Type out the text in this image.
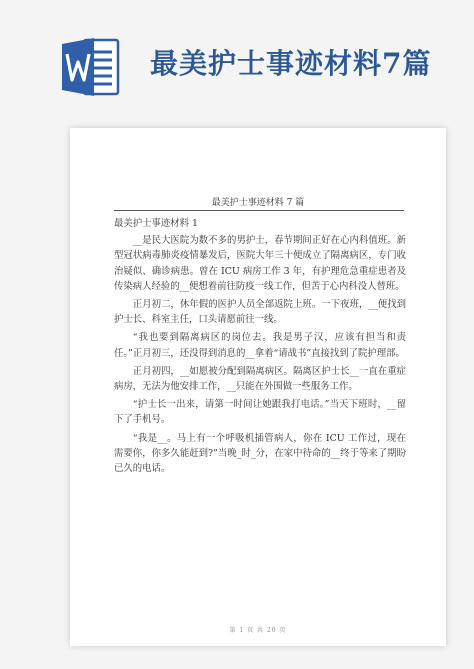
最美护士事迹材料7篇
最美护士事迹材料 7 篇

最美护士事迹材料 1

__是民大医院为数不多的男护士，春节期间正好在心内科值班。新型冠状病毒肺炎疫情暴发后，医院大年三十便成立了隔离病区，专门收治疑似、确诊病患。曾在 ICU 病房工作 3 年，有护理危急重症患者及传染病人经验的__便想着前往防疫一线工作，但苦于心内科没人替班。

正月初二，休年假的医护人员全部返院上班。一下夜班，__便找到护士长、科室主任，口头请愿前往一线。

“我也要到隔离病区的岗位去。我是男子汉，应该有担当和责任。”正月初三，还没得到消息的__拿着“请战书”直接找到了院护理部。

正月初四，__如愿被分配到隔离病区。隔离区护士长__一直在重症病房，无法为他安排工作，__只能在外围做一些服务工作。

“护士长一出来，请第一时间让她跟我打电话。”当天下班时，__留下了手机号。

“我是__。马上有一个呼吸机插管病人，你在 ICU 工作过，现在需要你，你多久能赶到?”当晚_时_分，在家中待命的__终于等来了期盼已久的电话。

第 1 页 共 20 页
